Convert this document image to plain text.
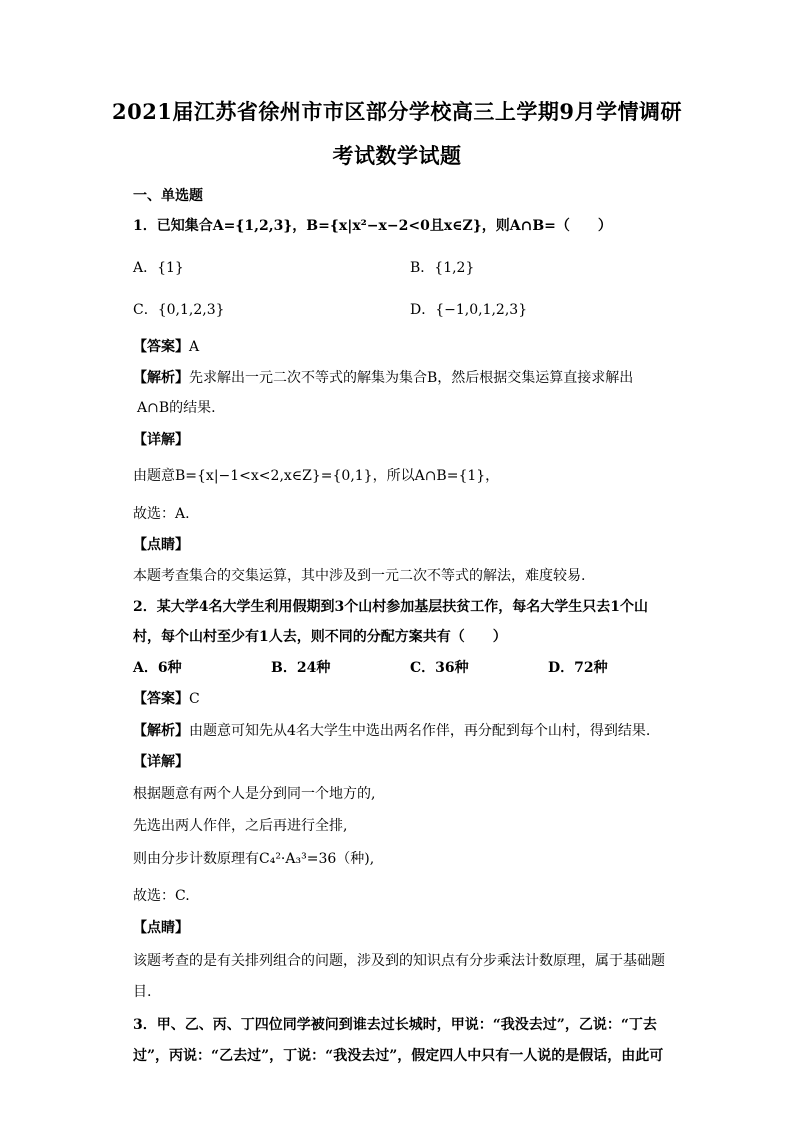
2021届江苏省徐州市市区部分学校高三上学期9月学情调研
考试数学试题
一、单选题
1．已知集合A={1,2,3}，B={x|x²−x−2<0且x∈Z}，则A∩B=（　　）
A．{1}	B．{1,2}
C．{0,1,2,3}	D．{−1,0,1,2,3}
【答案】A
【解析】先求解出一元二次不等式的解集为集合B，然后根据交集运算直接求解出
A∩B的结果.
【详解】
由题意B={x|−1<x<2,x∈Z}={0,1}，所以A∩B={1}，
故选：A.
【点睛】
本题考查集合的交集运算，其中涉及到一元二次不等式的解法，难度较易.
2．某大学4名大学生利用假期到3个山村参加基层扶贫工作，每名大学生只去1个山
村，每个山村至少有1人去，则不同的分配方案共有（　　）
A．6种	B．24种	C．36种	D．72种
【答案】C
【解析】由题意可知先从4名大学生中选出两名作伴，再分配到每个山村，得到结果.
【详解】
根据题意有两个人是分到同一个地方的,
先选出两人作伴，之后再进行全排,
则由分步计数原理有C₄²·A₃³=36（种),
故选：C.
【点睛】
该题考查的是有关排列组合的问题，涉及到的知识点有分步乘法计数原理，属于基础题
目.
3．甲、乙、丙、丁四位同学被问到谁去过长城时，甲说：“我没去过”，乙说：“丁去
过”，丙说：“乙去过”，丁说：“我没去过”，假定四人中只有一人说的是假话，由此可
